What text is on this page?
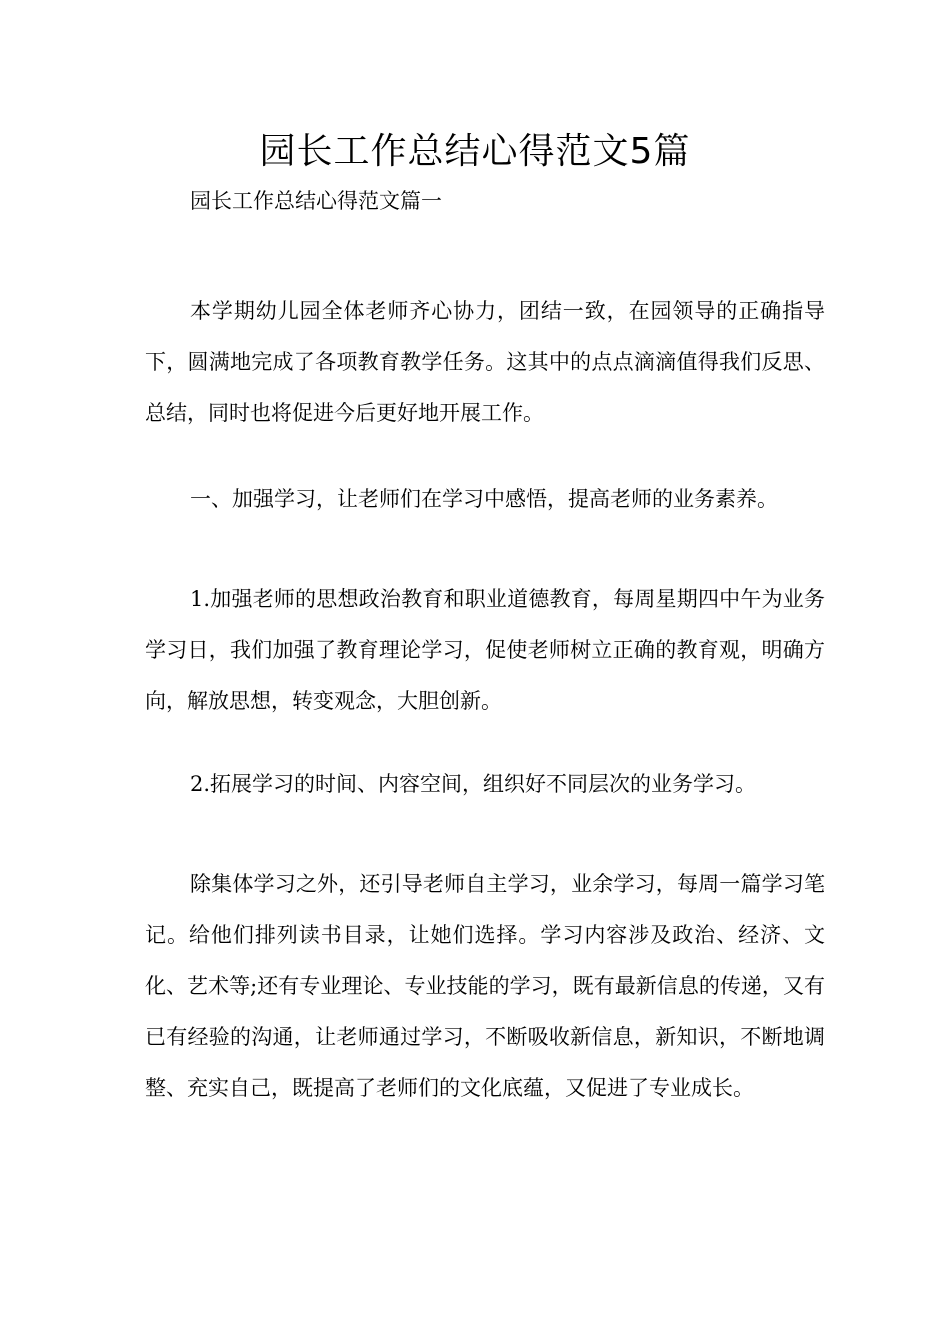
园长工作总结心得范文5篇

园长工作总结心得范文篇一

本学期幼儿园全体老师齐心协力，团结一致，在园领导的正确指导下，圆满地完成了各项教育教学任务。这其中的点点滴滴值得我们反思、总结，同时也将促进今后更好地开展工作。

一、加强学习，让老师们在学习中感悟，提高老师的业务素养。

1.加强老师的思想政治教育和职业道德教育，每周星期四中午为业务学习日，我们加强了教育理论学习，促使老师树立正确的教育观，明确方向，解放思想，转变观念，大胆创新。

2.拓展学习的时间、内容空间，组织好不同层次的业务学习。

除集体学习之外，还引导老师自主学习，业余学习，每周一篇学习笔记。给他们排列读书目录，让她们选择。学习内容涉及政治、经济、文化、艺术等;还有专业理论、专业技能的学习，既有最新信息的传递，又有已有经验的沟通，让老师通过学习，不断吸收新信息，新知识，不断地调整、充实自己，既提高了老师们的文化底蕴，又促进了专业成长。
